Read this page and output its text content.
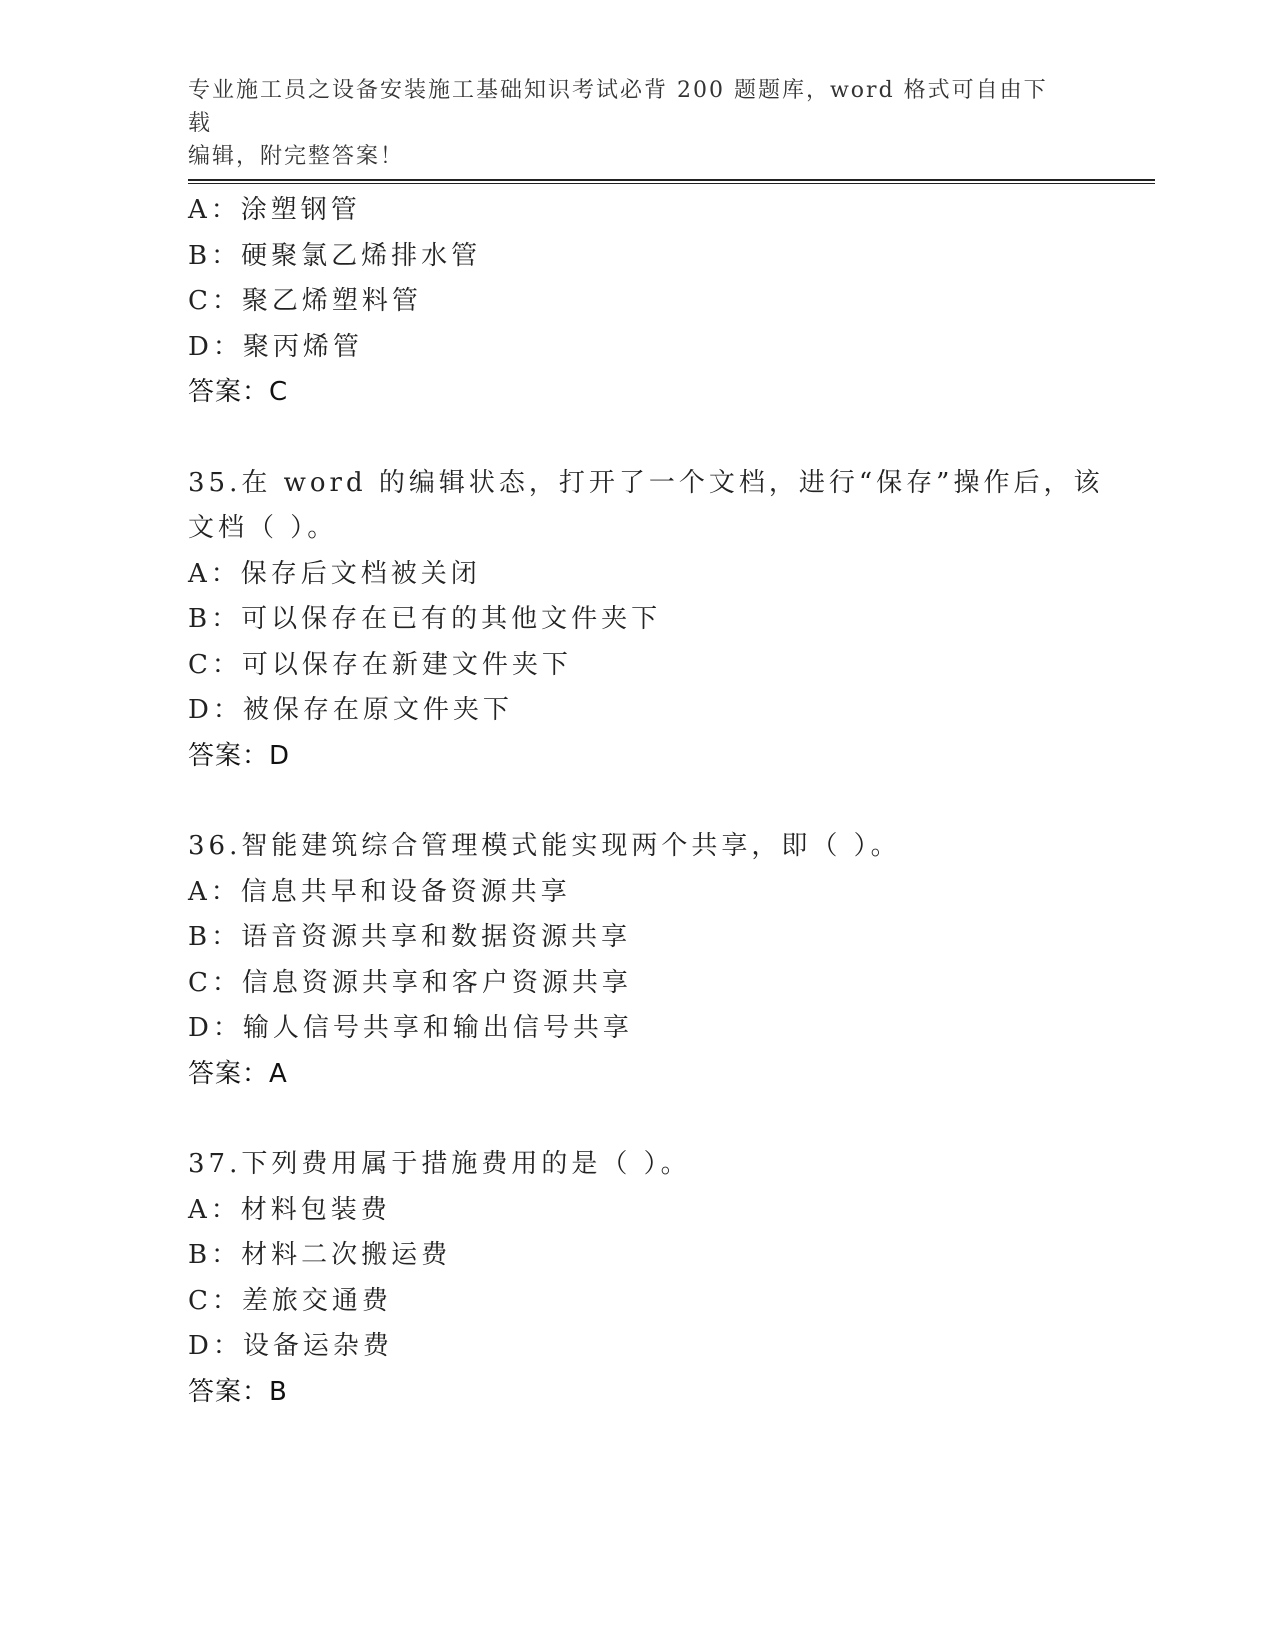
专业施工员之设备安装施工基础知识考试必背 200 题题库，word 格式可自由下载
编辑，附完整答案！
A：涂塑钢管
B：硬聚氯乙烯排水管
C：聚乙烯塑料管
D：聚丙烯管
答案：C
35.在 word 的编辑状态，打开了一个文档，进行“保存”操作后，该
文档（ ）。
A：保存后文档被关闭
B：可以保存在已有的其他文件夹下
C：可以保存在新建文件夹下
D：被保存在原文件夹下
答案：D
36.智能建筑综合管理模式能实现两个共享，即（ ）。
A：信息共早和设备资源共享
B：语音资源共享和数据资源共享
C：信息资源共享和客户资源共享
D：输人信号共享和输出信号共享
答案：A
37.下列费用属于措施费用的是（ ）。
A：材料包装费
B：材料二次搬运费
C：差旅交通费
D：设备运杂费
答案：B
